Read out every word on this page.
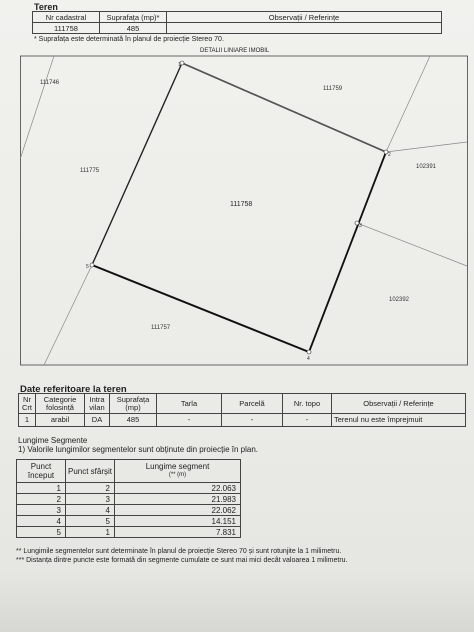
Teren
Nr cadastral	Suprafața (mp)*	Observații / Referințe
111758	485	
* Suprafața este determinată în planul de proiecție Stereo 70.
1
2
3
4
5
111746
111759
102391
111775
111758
102392
111757
DETALII LINIARE IMOBIL
Date referitoare la teren
Nr Crt	Categorie folosință	Intra vilan	Suprafața (mp)	Tarla	Parcelă	Nr. topo	Observații / Referințe
1	arabil	DA	485	-	-	-	Terenul nu este împrejmuit
Lungime Segmente
1) Valorile lungimilor segmentelor sunt obținute din proiecție în plan.
Punct început	Punct sfârșit	Lungime segment
(** (m)

1	2	22.063
2	3	21.983
3	4	22.062
4	5	14.151
5	1	7.831
** Lungimile segmentelor sunt determinate în planul de proiecție Stereo 70 și sunt rotunjite la 1 milimetru.
*** Distanța dintre puncte este formată din segmente cumulate ce sunt mai mici decât valoarea 1 milimetru.
